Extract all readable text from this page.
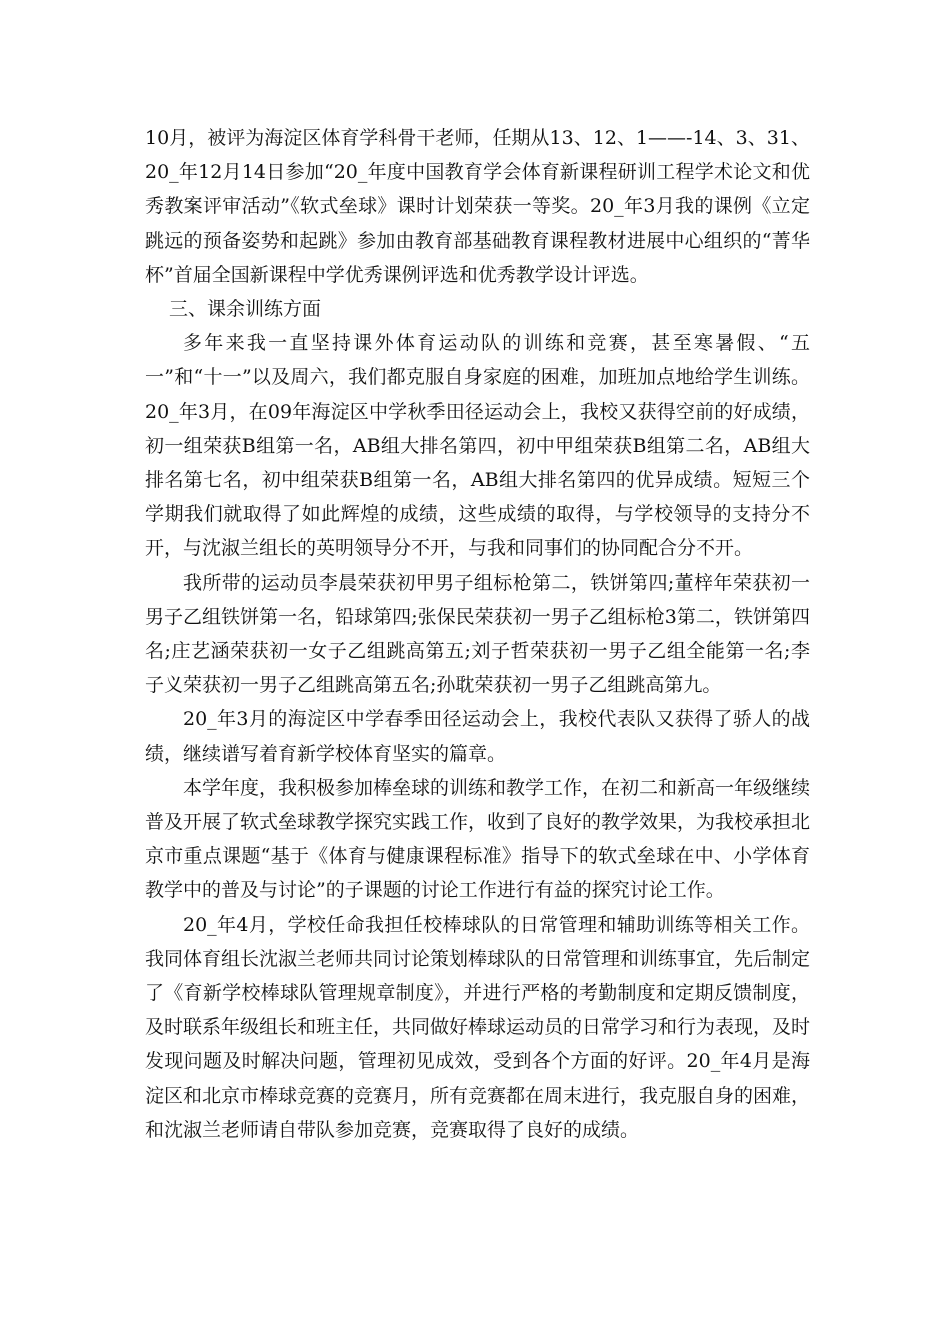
10月，被评为海淀区体育学科骨干老师，任期从13、12、1——-14、3、31、20_年12月14日参加“20_年度中国教育学会体育新课程研训工程学术论文和优秀教案评审活动”《软式垒球》课时计划荣获一等奖。20_年3月我的课例《立定跳远的预备姿势和起跳》参加由教育部基础教育课程教材进展中心组织的“菁华杯”首届全国新课程中学优秀课例评选和优秀教学设计评选。

三、课余训练方面

多年来我一直坚持课外体育运动队的训练和竞赛，甚至寒暑假、“五一”和“十一”以及周六，我们都克服自身家庭的困难，加班加点地给学生训练。20_年3月，在09年海淀区中学秋季田径运动会上，我校又获得空前的好成绩，初一组荣获B组第一名，AB组大排名第四，初中甲组荣获B组第二名，AB组大排名第七名，初中组荣获B组第一名，AB组大排名第四的优异成绩。短短三个学期我们就取得了如此辉煌的成绩，这些成绩的取得，与学校领导的支持分不开，与沈淑兰组长的英明领导分不开，与我和同事们的协同配合分不开。

我所带的运动员李晨荣获初甲男子组标枪第二，铁饼第四;董梓年荣获初一男子乙组铁饼第一名，铅球第四;张保民荣获初一男子乙组标枪3第二，铁饼第四名;庄艺涵荣获初一女子乙组跳高第五;刘子哲荣获初一男子乙组全能第一名;李子义荣获初一男子乙组跳高第五名;孙耽荣获初一男子乙组跳高第九。

20_年3月的海淀区中学春季田径运动会上，我校代表队又获得了骄人的战绩，继续谱写着育新学校体育坚实的篇章。

本学年度，我积极参加棒垒球的训练和教学工作，在初二和新高一年级继续普及开展了软式垒球教学探究实践工作，收到了良好的教学效果，为我校承担北京市重点课题“基于《体育与健康课程标准》指导下的软式垒球在中、小学体育教学中的普及与讨论”的子课题的讨论工作进行有益的探究讨论工作。

20_年4月，学校任命我担任校棒球队的日常管理和辅助训练等相关工作。我同体育组长沈淑兰老师共同讨论策划棒球队的日常管理和训练事宜，先后制定了《育新学校棒球队管理规章制度》，并进行严格的考勤制度和定期反馈制度，及时联系年级组长和班主任，共同做好棒球运动员的日常学习和行为表现，及时发现问题及时解决问题，管理初见成效，受到各个方面的好评。20_年4月是海淀区和北京市棒球竞赛的竞赛月，所有竞赛都在周末进行，我克服自身的困难，和沈淑兰老师请自带队参加竞赛，竞赛取得了良好的成绩。
